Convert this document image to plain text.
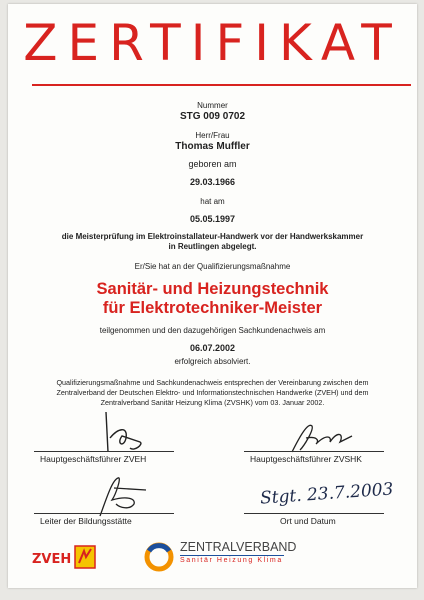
ZERTIFIKAT
Nummer
STG 009 0702
Herr/Frau
Thomas Muffler
geboren am
29.03.1966
hat am
05.05.1997
die Meisterprüfung im Elektroinstallateur-Handwerk vor der Handwerkskammer
in Reutlingen abgelegt.
Er/Sie hat an der Qualifizierungsmaßnahme
Sanitär- und Heizungstechnik
für Elektrotechniker-Meister
teilgenommen und den dazugehörigen Sachkundenachweis am
06.07.2002
erfolgreich absolviert.
Qualifizierungsmaßnahme und Sachkundenachweis entsprechen der Vereinbarung zwischen dem
Zentralverband der Deutschen Elektro- und Informationstechnischen Handwerke (ZVEH) und dem
Zentralverband Sanitär Heizung Klima (ZVSHK) vom 03. Januar 2002.
Hauptgeschäftsführer ZVEH	Hauptgeschäftsführer ZVSHK
Leiter der Bildungsstätte
Stgt. 23.7.2003
Ort und Datum
ZVEH
ZENTRALVERBAND
Sanitär Heizung Klima
